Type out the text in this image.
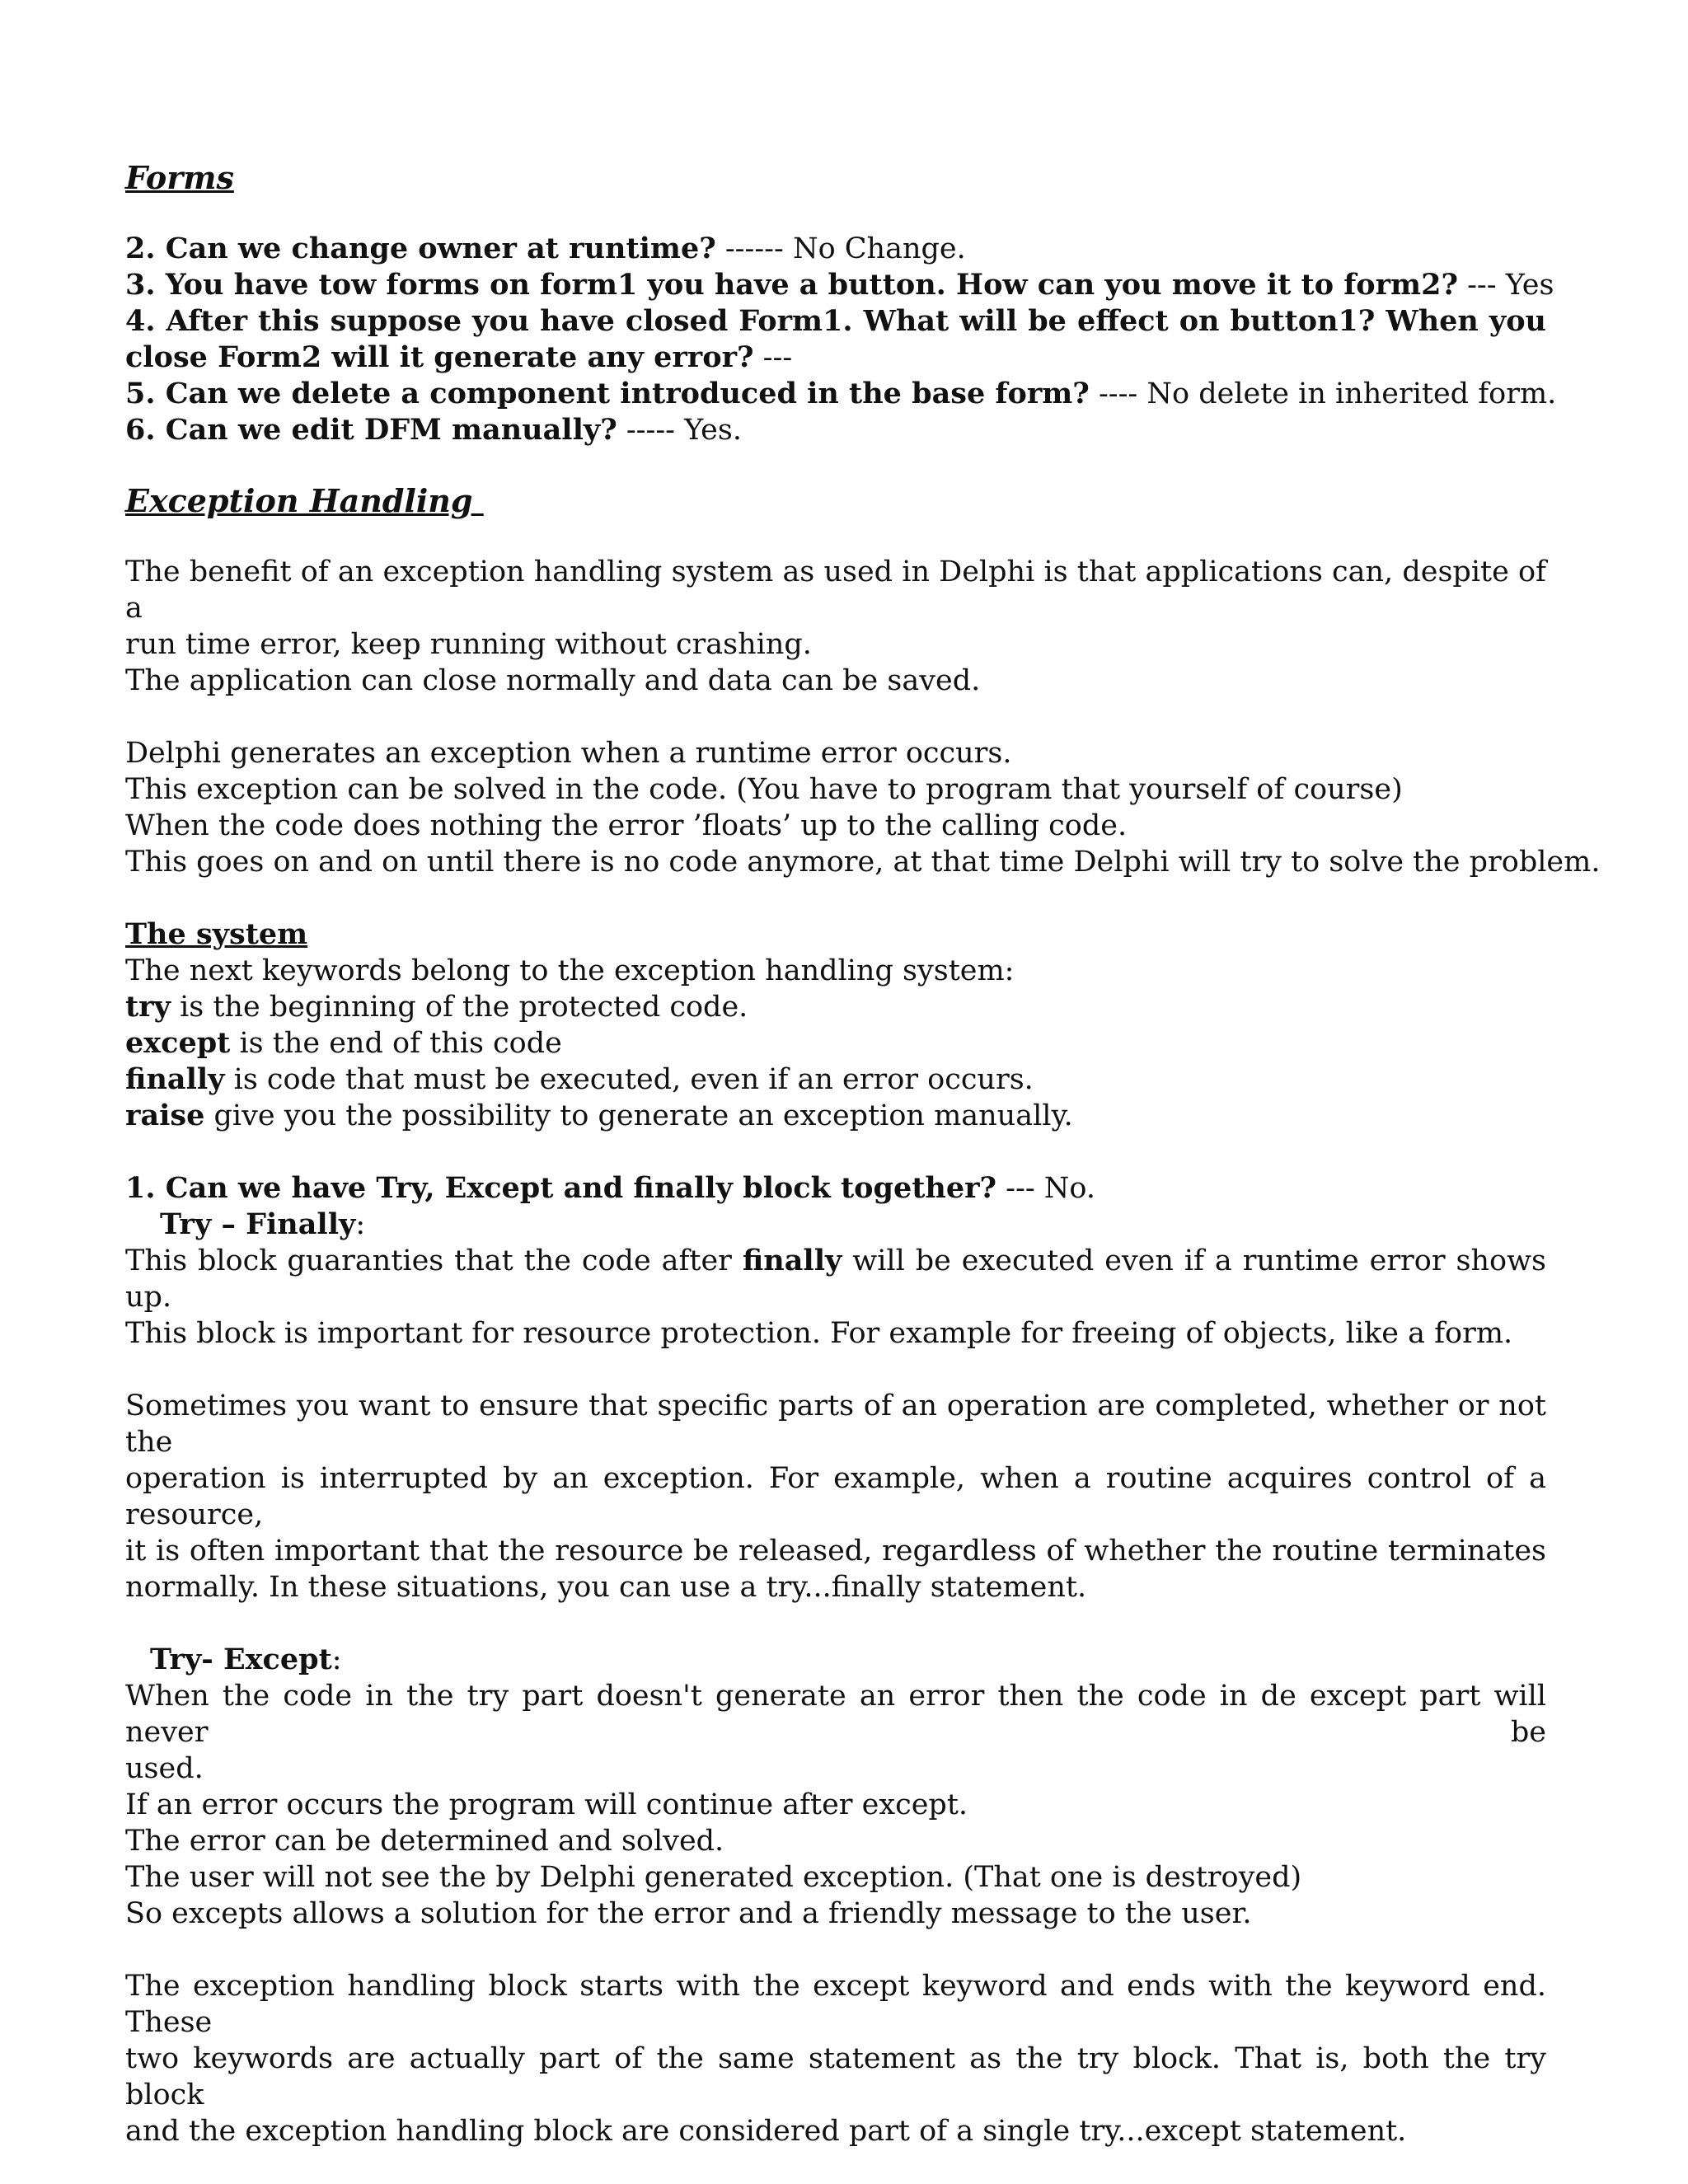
Forms
2. Can we change owner at runtime? ------ No Change.
3. You have tow forms on form1 you have a button. How can you move it to form2? --- Yes
4. After this suppose you have closed Form1. What will be effect on button1? When you
close Form2 will it generate any error? ---
5. Can we delete a component introduced in the base form? ---- No delete in inherited form.
6. Can we edit DFM manually? ----- Yes.
Exception Handling
The benefit of an exception handling system as used in Delphi is that applications can, despite of a
run time error, keep running without crashing.
The application can close normally and data can be saved.
Delphi generates an exception when a runtime error occurs.
This exception can be solved in the code. (You have to program that yourself of course)
When the code does nothing the error ’floats’ up to the calling code.
This goes on and on until there is no code anymore, at that time Delphi will try to solve the problem.
The system
The next keywords belong to the exception handling system:
try is the beginning of the protected code.
except is the end of this code
finally is code that must be executed, even if an error occurs.
raise give you the possibility to generate an exception manually.
1. Can we have Try, Except and finally block together? --- No.
Try – Finally:
This block guaranties that the code after finally will be executed even if a runtime error shows up.
This block is important for resource protection. For example for freeing of objects, like a form.
Sometimes you want to ensure that specific parts of an operation are completed, whether or not the
operation is interrupted by an exception. For example, when a routine acquires control of a resource,
it is often important that the resource be released, regardless of whether the routine terminates
normally. In these situations, you can use a try...finally statement.
Try- Except:
When the code in the try part doesn't generate an error then the code in de except part will never be
used.
If an error occurs the program will continue after except.
The error can be determined and solved.
The user will not see the by Delphi generated exception. (That one is destroyed)
So excepts allows a solution for the error and a friendly message to the user.
The exception handling block starts with the except keyword and ends with the keyword end. These
two keywords are actually part of the same statement as the try block. That is, both the try block
and the exception handling block are considered part of a single try...except statement.
